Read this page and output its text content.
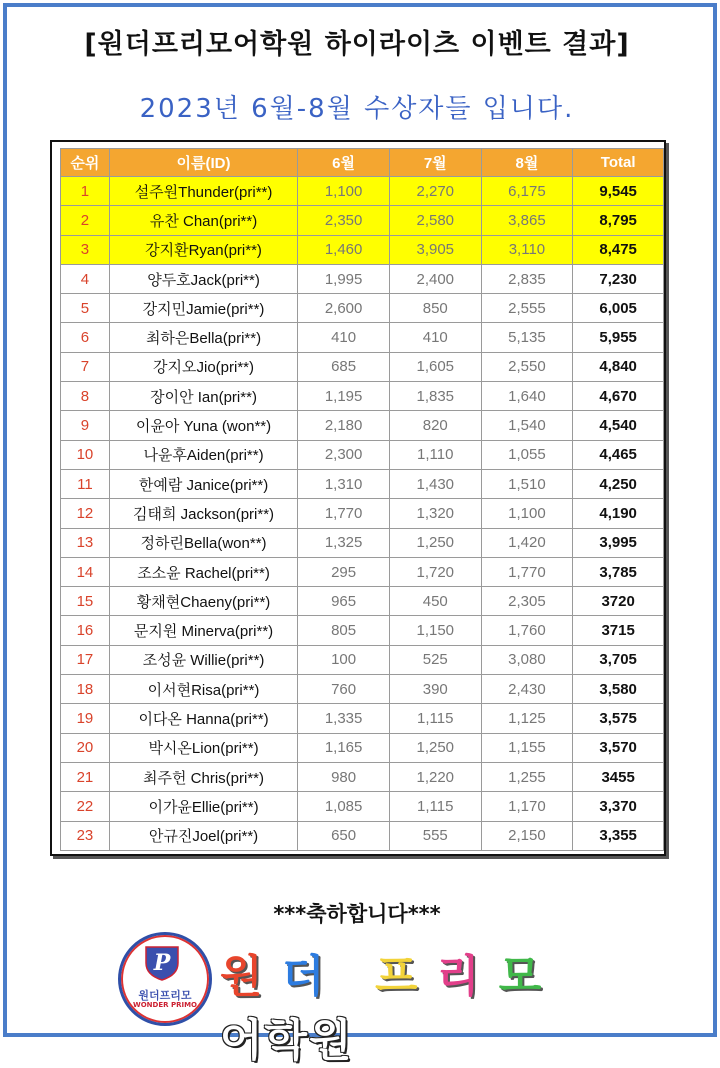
[원더프리모어학원 하이라이츠 이벤트 결과]
2023년 6월-8월 수상자들 입니다.
순위	이름(ID)	6월	7월	8월	Total
1	설주원Thunder(pri**)	1,100	2,270	6,175	9,545
2	유찬 Chan(pri**)	2,350	2,580	3,865	8,795
3	강지환Ryan(pri**)	1,460	3,905	3,110	8,475
4	양두호Jack(pri**)	1,995	2,400	2,835	7,230
5	강지민Jamie(pri**)	2,600	850	2,555	6,005
6	최하은Bella(pri**)	410	410	5,135	5,955
7	강지오Jio(pri**)	685	1,605	2,550	4,840
8	장이안 Ian(pri**)	1,195	1,835	1,640	4,670
9	이윤아 Yuna (won**)	2,180	820	1,540	4,540
10	나윤후Aiden(pri**)	2,300	1,110	1,055	4,465
11	한예람 Janice(pri**)	1,310	1,430	1,510	4,250
12	김태희 Jackson(pri**)	1,770	1,320	1,100	4,190
13	정하린Bella(won**)	1,325	1,250	1,420	3,995
14	조소윤 Rachel(pri**)	295	1,720	1,770	3,785
15	황채현Chaeny(pri**)	965	450	2,305	3720
16	문지원 Minerva(pri**)	805	1,150	1,760	3715
17	조성윤 Willie(pri**)	100	525	3,080	3,705
18	이서현Risa(pri**)	760	390	2,430	3,580
19	이다온 Hanna(pri**)	1,335	1,115	1,125	3,575
20	박시온Lion(pri**)	1,165	1,250	1,155	3,570
21	최주헌 Chris(pri**)	980	1,220	1,255	3455
22	이가윤Ellie(pri**)	1,085	1,115	1,170	3,370
23	안규진Joel(pri**)	650	555	2,150	3,355
***축하합니다***
P
원더프리모
WONDER PRIMO
원 더 프 리 모  어학원
